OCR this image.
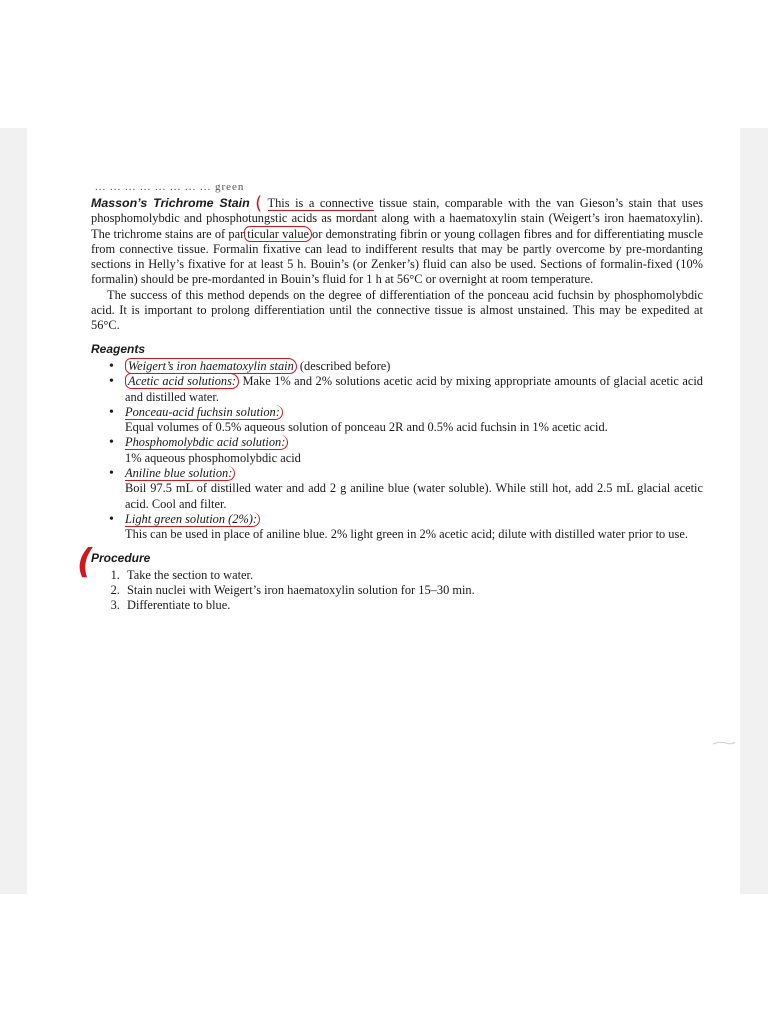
... ... ... ... ... ... ... ... green

Masson’s Trichrome Stain ( This is a connective tissue stain, comparable with the van Gieson’s stain that uses phosphomolybdic and phosphotungstic acids as mordant along with a haematoxylin stain (Weigert’s iron haematoxylin). The trichrome stains are of par ticular value or demonstrating fibrin or young collagen fibres and for differentiating muscle from connective tissue. Formalin fixative can lead to indifferent results that may be partly overcome by pre-mordanting sections in Helly’s fixative for at least 5 h. Bouin’s (or Zenker’s) fluid can also be used. Sections of formalin-fixed (10% formalin) should be pre-mordanted in Bouin’s fluid for 1 h at 56°C or overnight at room temperature.

The success of this method depends on the degree of differentiation of the ponceau acid fuchsin by phosphomolybdic acid. It is important to prolong differentiation until the connective tissue is almost unstained. This may be expedited at 56°C.

Reagents
• Weigert’s iron haematoxylin stain (described before)
• Acetic acid solutions: Make 1% and 2% solutions acetic acid by mixing appropriate amounts of glacial acetic acid and distilled water.
• Ponceau-acid fuchsin solution:
Equal volumes of 0.5% aqueous solution of ponceau 2R and 0.5% acid fuchsin in 1% acetic acid.
• Phosphomolybdic acid solution:
1% aqueous phosphomolybdic acid
• Aniline blue solution:
Boil 97.5 mL of distilled water and add 2 g aniline blue (water soluble). While still hot, add 2.5 mL glacial acetic acid. Cool and filter.
• Light green solution (2%):
This can be used in place of aniline blue. 2% light green in 2% acetic acid; dilute with distilled water prior to use.
(
Procedure
1. Take the section to water.
2. Stain nuclei with Weigert’s iron haematoxylin solution for 15–30 min.
3. Differentiate to blue.
